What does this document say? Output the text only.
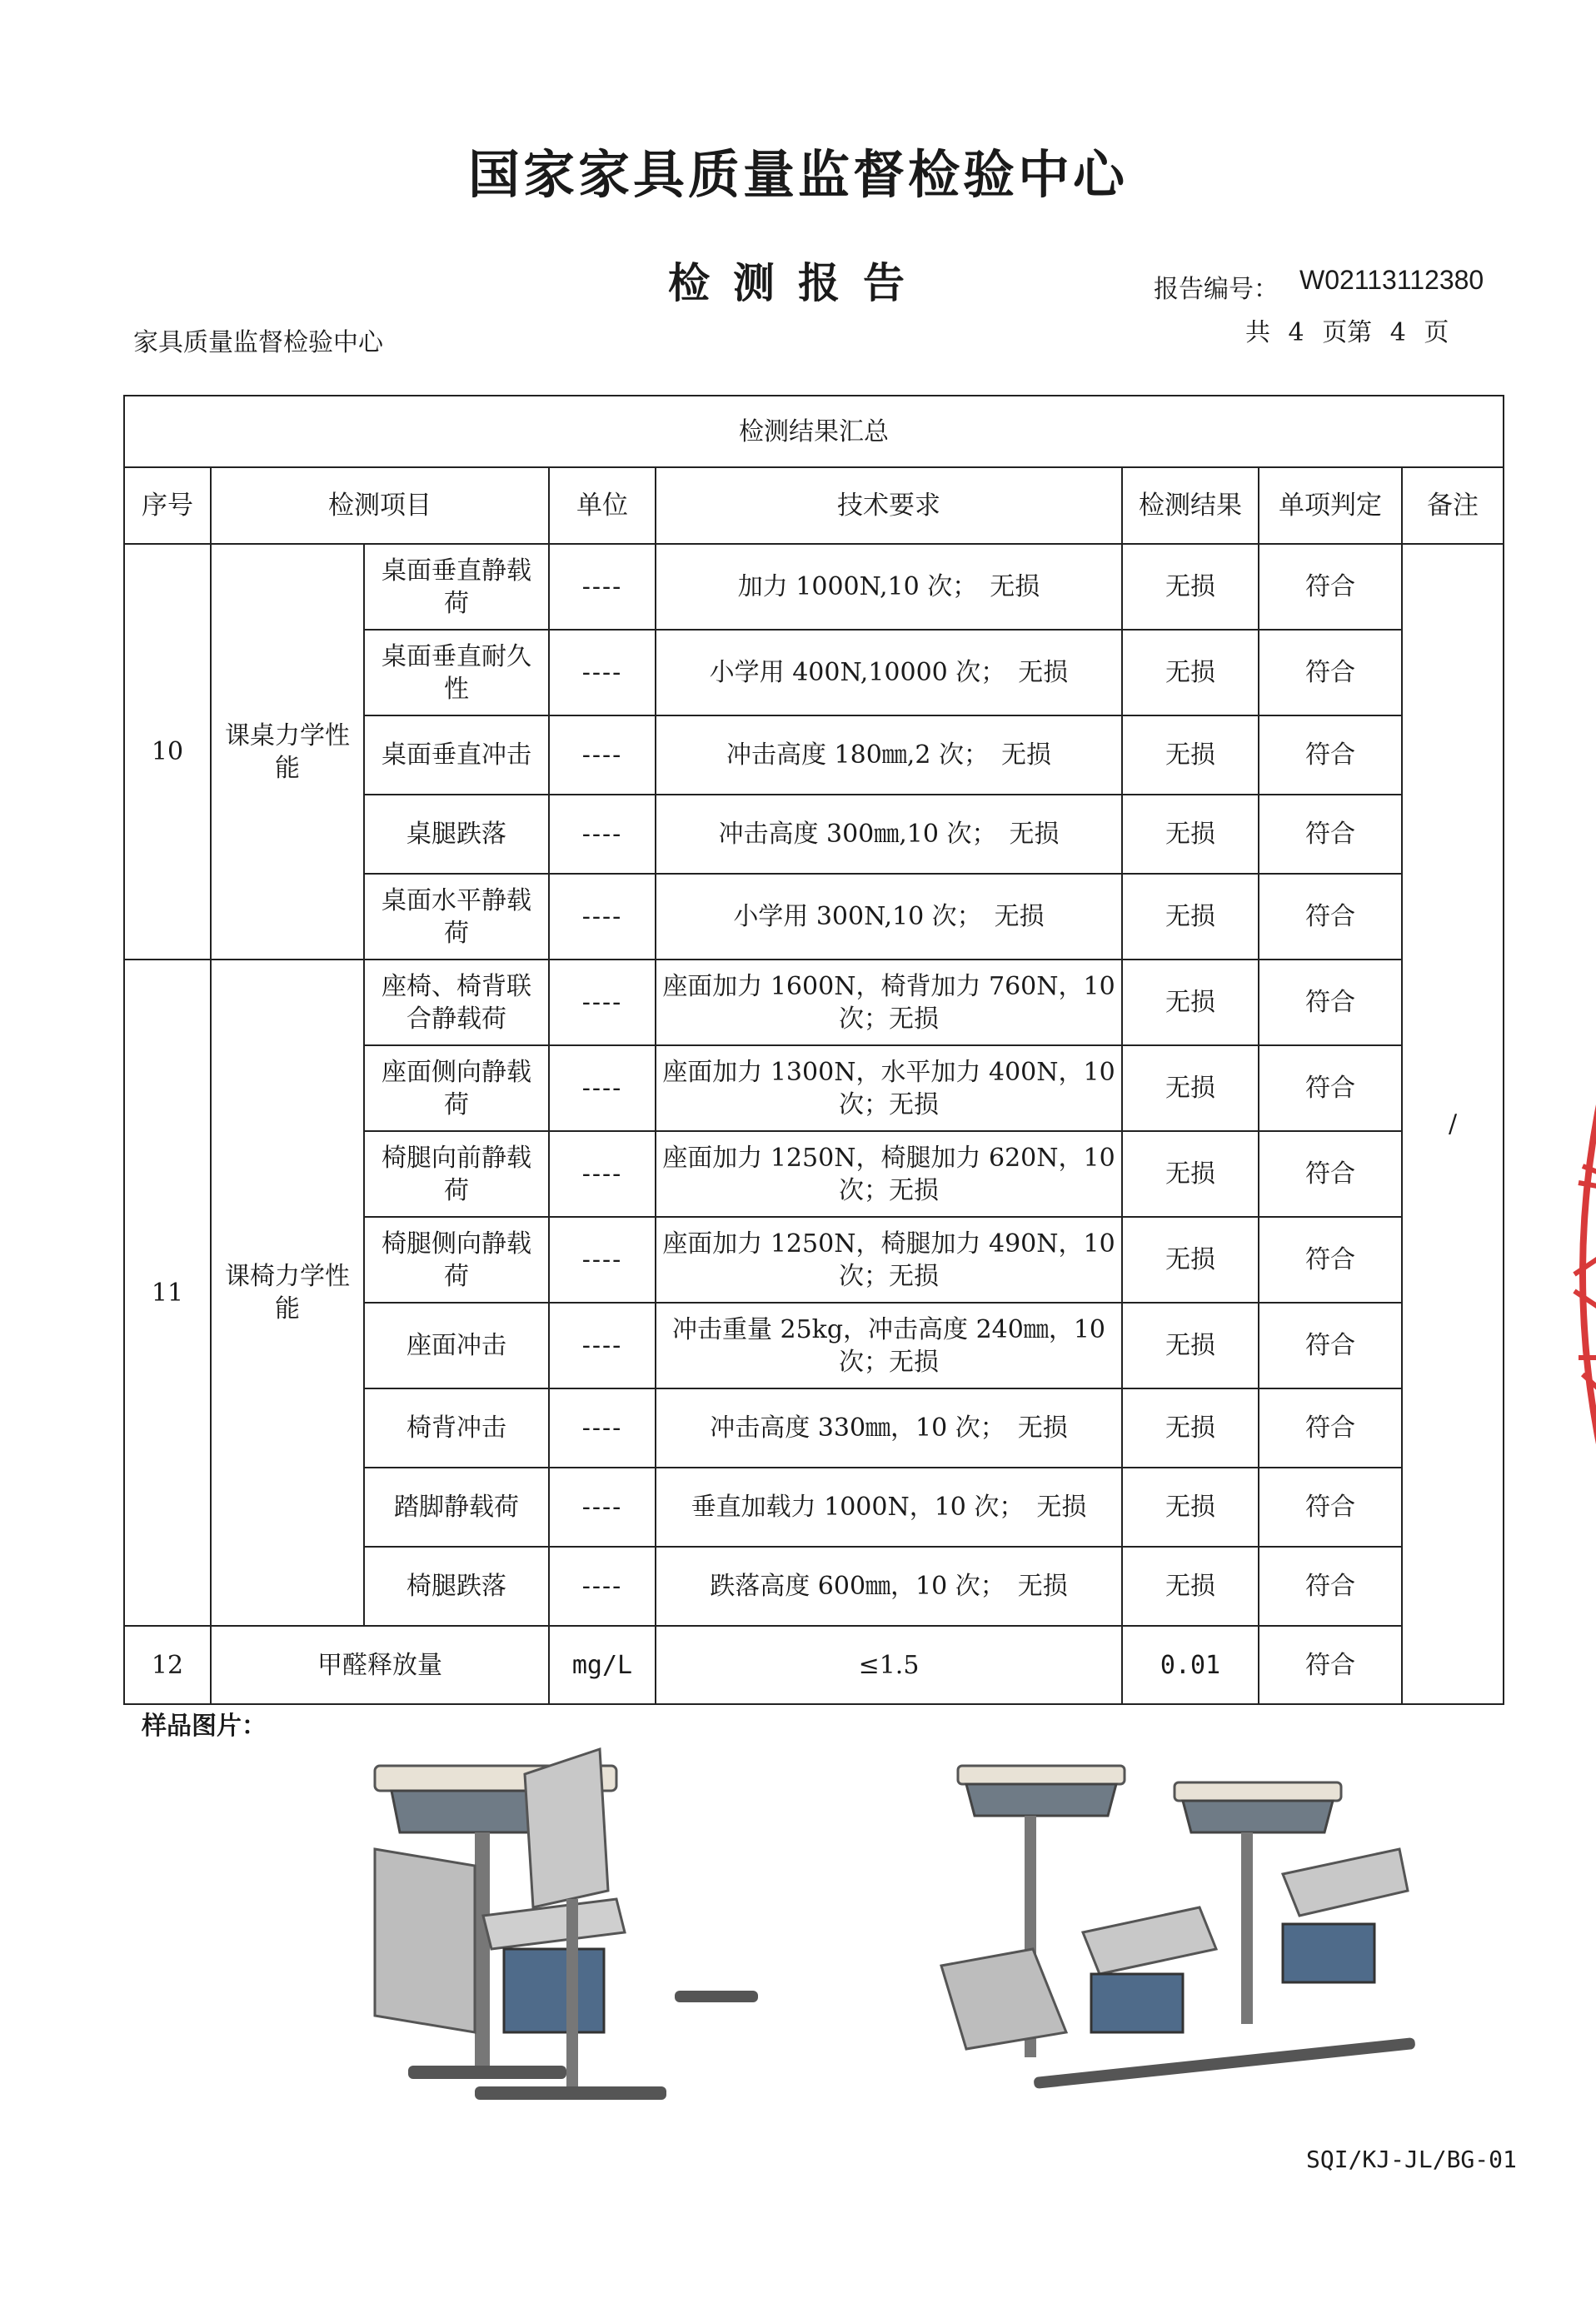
国家家具质量监督检验中心
检测报告	报告编号： W02113112380
家具质量监督检验中心	共 4 页第 4 页
检测结果汇总								
序号	检测项目		单位	技术要求	检测结果	单项判定	备注	
10	课桌力学性能	桌面垂直静载荷	----	加力 1000N,10 次；　无损	无损	符合	/	
		桌面垂直耐久性	----	小学用 400N,10000 次；　无损	无损	符合		
		桌面垂直冲击	----	冲击高度 180㎜,2 次；　无损	无损	符合		
		桌腿跌落	----	冲击高度 300㎜,10 次；　无损	无损	符合		
		桌面水平静载荷	----	小学用 300N,10 次；　无损	无损	符合		
11	课椅力学性能	座椅、椅背联合静载荷	----	座面加力 1600N，椅背加力 760N，10 次；无损	无损	符合		
		座面侧向静载荷	----	座面加力 1300N，水平加力 400N，10 次；无损	无损	符合		
		椅腿向前静载荷	----	座面加力 1250N，椅腿加力 620N，10 次；无损	无损	符合		
		椅腿侧向静载荷	----	座面加力 1250N，椅腿加力 490N，10 次；无损	无损	符合		
		座面冲击	----	冲击重量 25kg，冲击高度 240㎜，10 次；无损	无损	符合		
		椅背冲击	----	冲击高度 330㎜，10 次；　无损	无损	符合		
		踏脚静载荷	----	垂直加载力 1000N，10 次；　无损	无损	符合		
		椅腿跌落	----	跌落高度 600㎜，10 次；　无损	无损	符合		
12	甲醛释放量		mg/L	≤1.5	0.01	符合		
样品图片：
SQI/KJ-JL/BG-01
